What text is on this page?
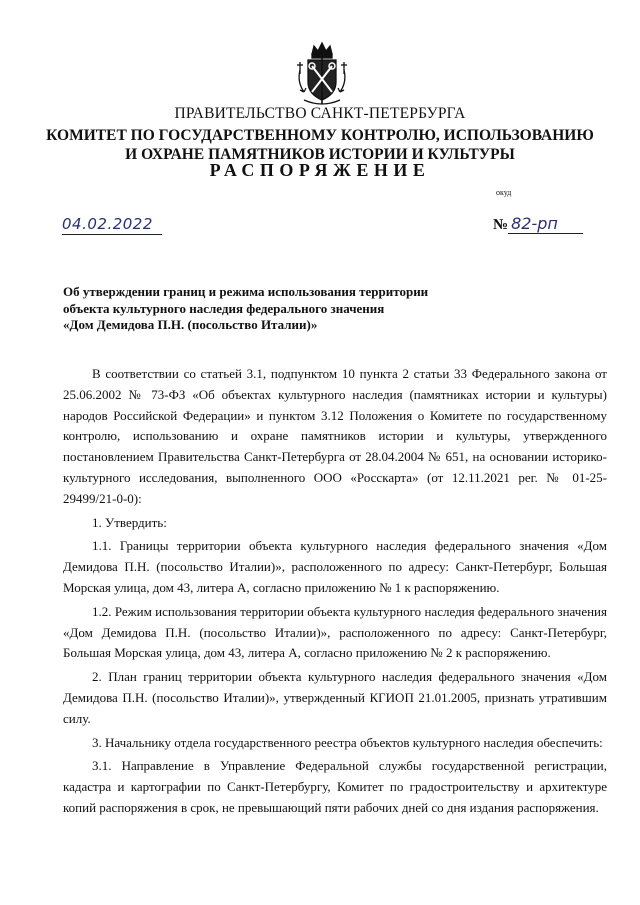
ПРАВИТЕЛЬСТВО САНКТ-ПЕТЕРБУРГА
КОМИТЕТ ПО ГОСУДАРСТВЕННОМУ КОНТРОЛЮ, ИСПОЛЬЗОВАНИЮ
И ОХРАНЕ ПАМЯТНИКОВ ИСТОРИИ И КУЛЬТУРЫ
РАСПОРЯЖЕНИЕ
окуд
04.02.2022	№ 82-рп
Об утверждении границ и режима использования территории
объекта культурного наследия федерального значения
«Дом Демидова П.Н. (посольство Италии)»

В соответствии со статьей 3.1, подпунктом 10 пункта 2 статьи 33 Федерального закона от 25.06.2002 № 73-ФЗ «Об объектах культурного наследия (памятниках истории и культуры) народов Российской Федерации» и пунктом 3.12 Положения о Комитете по государственному контролю, использованию и охране памятников истории и культуры, утвержденного постановлением Правительства Санкт-Петербурга от 28.04.2004 № 651, на основании историко-культурного исследования, выполненного ООО «Росскарта» (от 12.11.2021 рег. № 01-25-29499/21-0-0):

1. Утвердить:

1.1. Границы территории объекта культурного наследия федерального значения «Дом Демидова П.Н. (посольство Италии)», расположенного по адресу: Санкт-Петербург, Большая Морская улица, дом 43, литера А, согласно приложению № 1 к распоряжению.

1.2. Режим использования территории объекта культурного наследия федерального значения «Дом Демидова П.Н. (посольство Италии)», расположенного по адресу: Санкт-Петербург, Большая Морская улица, дом 43, литера А, согласно приложению № 2 к распоряжению.

2. План границ территории объекта культурного наследия федерального значения «Дом Демидова П.Н. (посольство Италии)», утвержденный КГИОП 21.01.2005, признать утратившим силу.

3. Начальнику отдела государственного реестра объектов культурного наследия обеспечить:

3.1. Направление в Управление Федеральной службы государственной регистрации, кадастра и картографии по Санкт-Петербургу, Комитет по градостроительству и архитектуре копий распоряжения в срок, не превышающий пяти рабочих дней со дня издания распоряжения.
